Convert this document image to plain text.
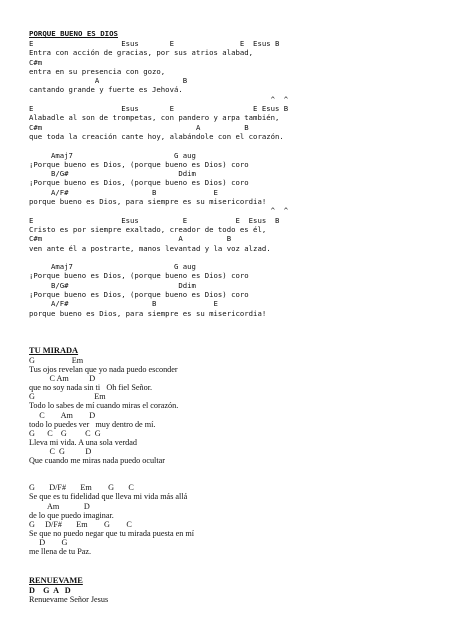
PORQUE BUENO ES DIOS
E                    Esus       E               E  Esus B
Entra con acción de gracias, por sus atrios alabad,
C#m
entra en su presencia con gozo,
A                   B
cantando grande y fuerte es Jehová.
^  ^
E                    Esus       E                  E Esus B
Alabadle al son de trompetas, con pandero y arpa también,
C#m                                   A          B
que toda la creación cante hoy, alabándole con el corazón.
Amaj7                       G aug
¡Porque bueno es Dios, (porque bueno es Dios) coro
B/G#                         Ddim
¡Porque bueno es Dios, (porque bueno es Dios) coro
A/F#                   B             E
porque bueno es Dios, para siempre es su misericordia!
^  ^
E                    Esus          E           E  Esus  B
Cristo es por siempre exaltado, creador de todo es él,
C#m                               A          B
ven ante él a postrarte, manos levantad y la voz alzad.
Amaj7                       G aug
¡Porque bueno es Dios, (porque bueno es Dios) coro
B/G#                         Ddim
¡Porque bueno es Dios, (porque bueno es Dios) coro
A/F#                   B             E
porque bueno es Dios, para siempre es su misericordia!
TU MIRADA
G                  Em
Tus ojos revelan que yo nada puedo esconder
C Am          D
que no soy nada sin ti   Oh fiel Señor.
G                             Em
Todo lo sabes de mí cuando miras el corazón.
C        Am        D
todo lo puedes ver   muy dentro de mí.
G      C    G         C  G
Lleva mi vida. A una sola verdad
C  G          D
Que cuando me miras nada puedo ocultar
G       D/F#       Em        G       C
Se que es tu fidelidad que lleva mi vida más allá
Am            D
de lo que puedo imaginar.
G     D/F#       Em        G        C
Se que no puedo negar que tu mirada puesta en mí
D        G
me llena de tu Paz.
RENUEVAME
D    G  A   D
Renuevame Señor Jesus
